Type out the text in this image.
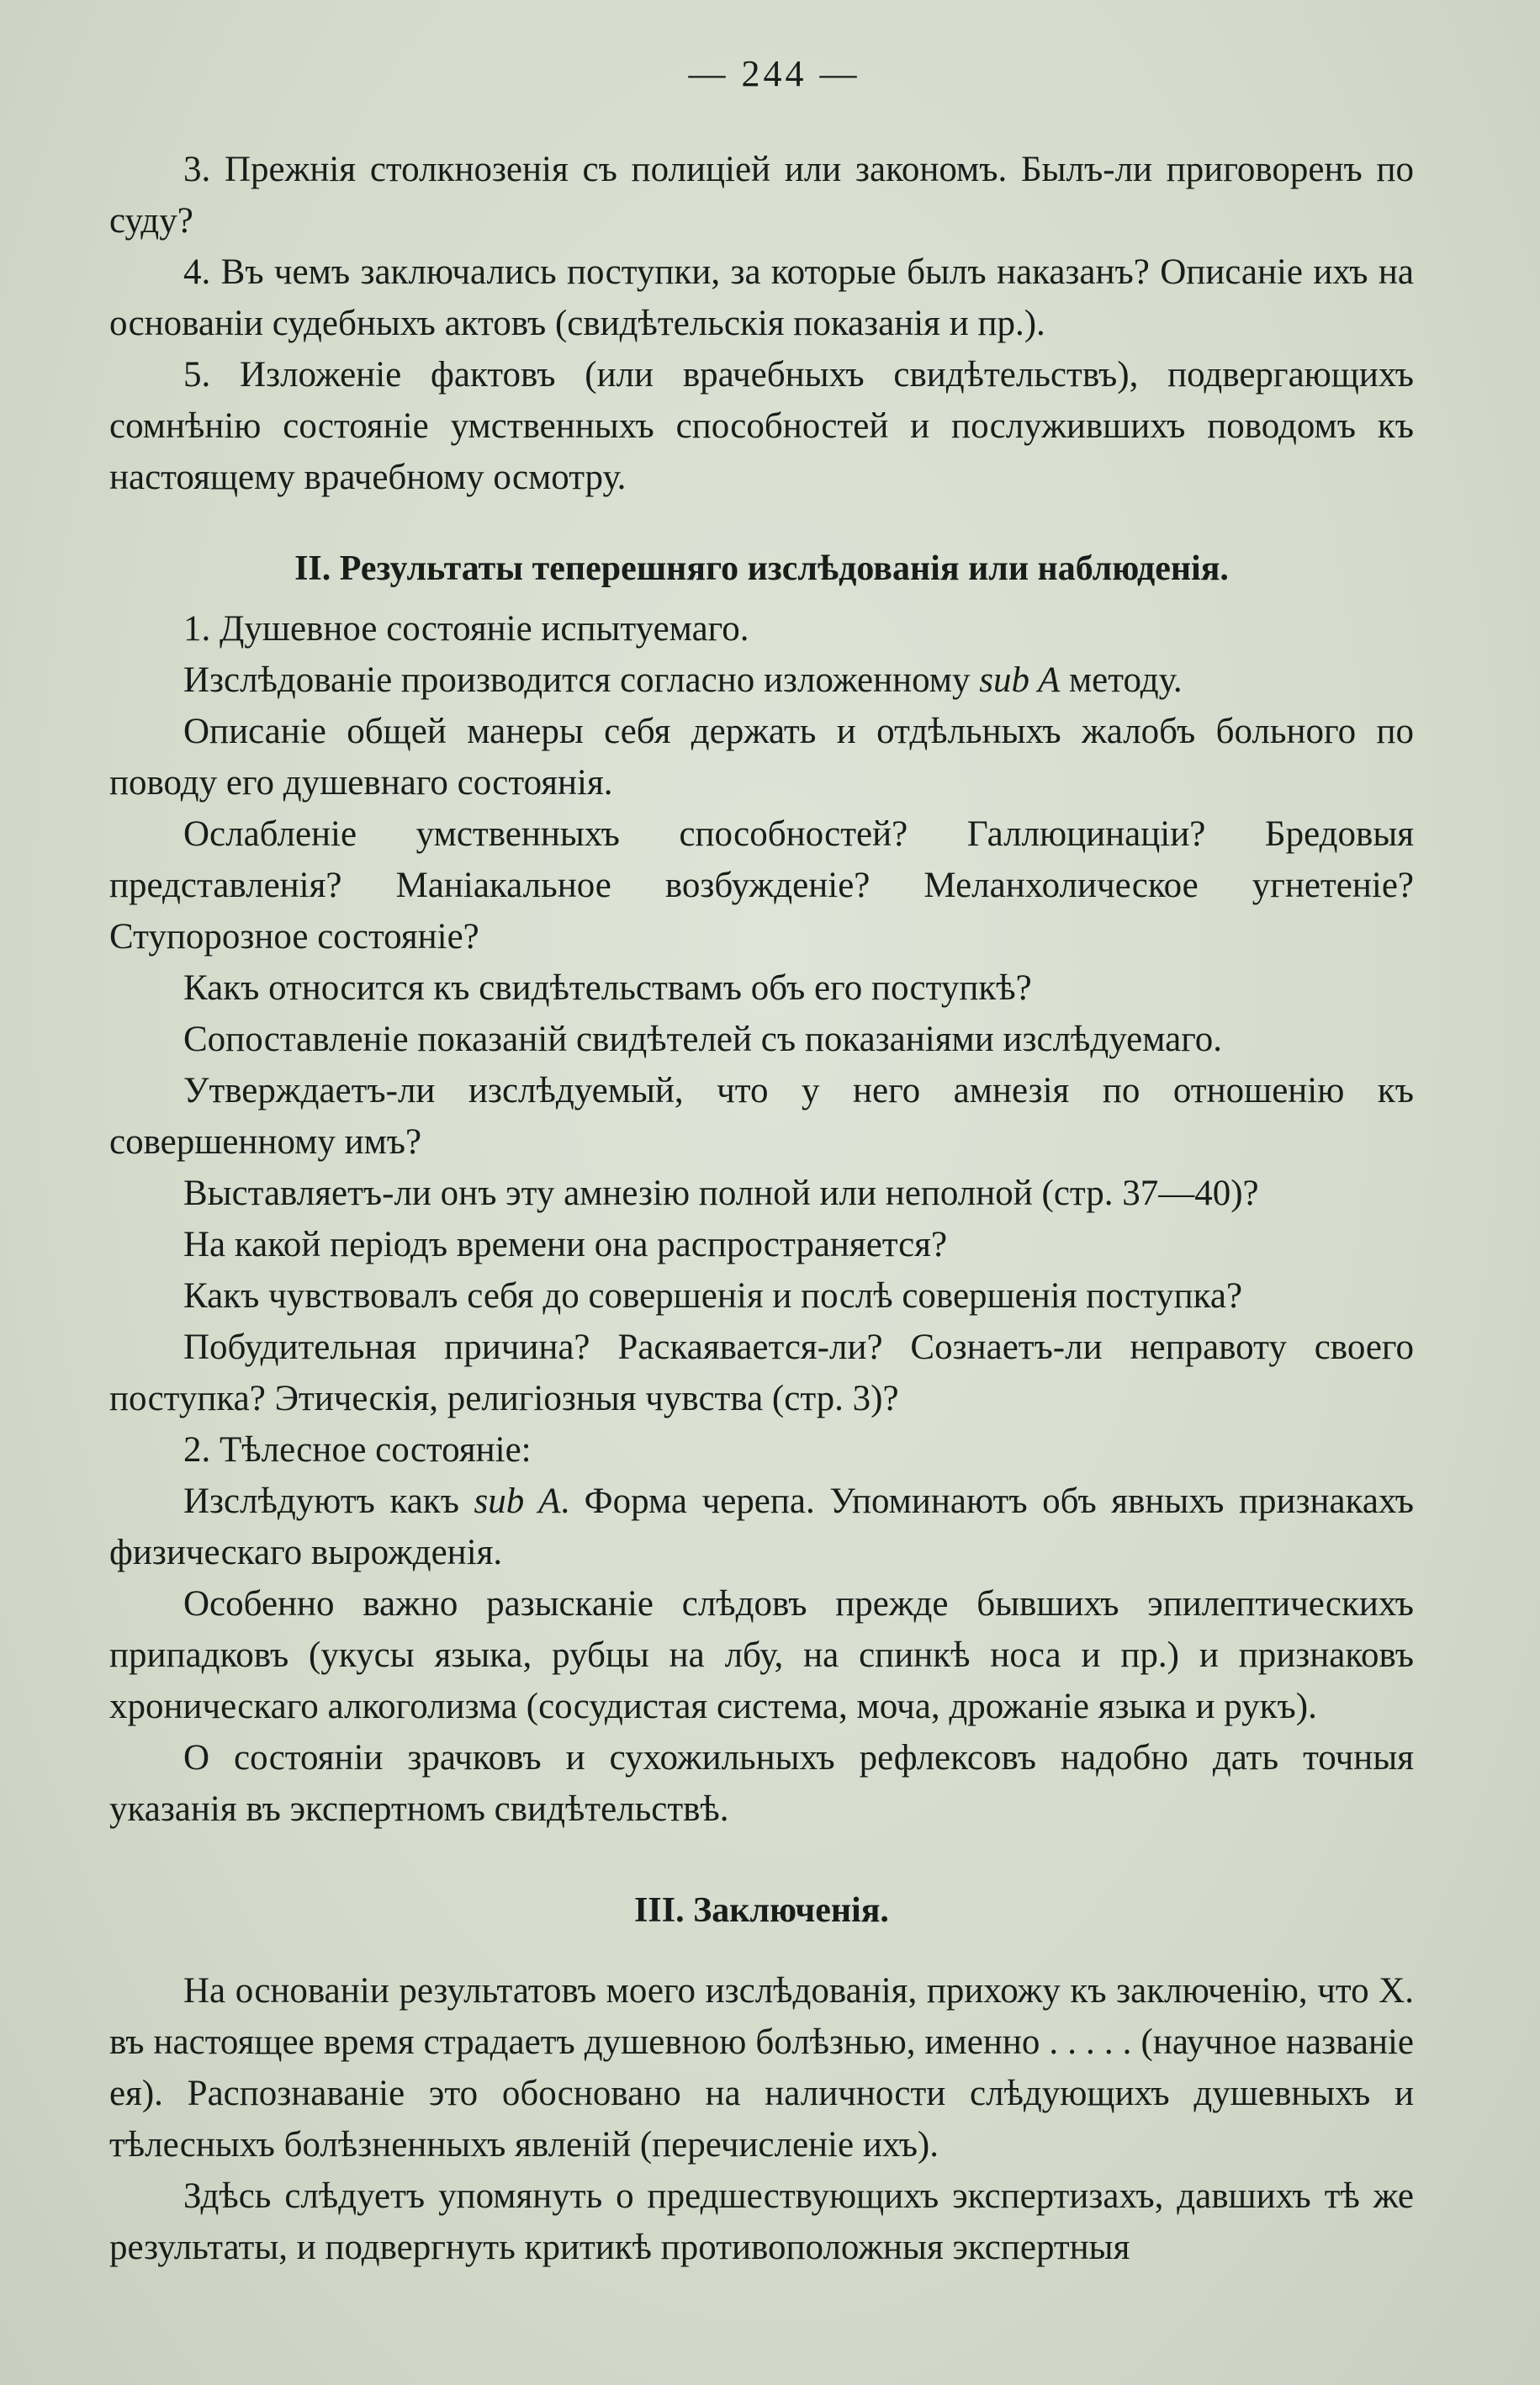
— 244 —

3. Прежнія столкнозенія съ полиціей или закономъ. Былъ-ли приговоренъ по суду?

4. Въ чемъ заключались поступки, за которые былъ наказанъ? Описаніе ихъ на основаніи судебныхъ актовъ (свидѣтельскія показанія и пр.).

5. Изложеніе фактовъ (или врачебныхъ свидѣтельствъ), подвергающихъ сомнѣнію состояніе умственныхъ способностей и послужившихъ поводомъ къ настоящему врачебному осмотру.

II. Результаты теперешняго изслѣдованія или наблюденія.

1. Душевное состояніе испытуемаго.

Изслѣдованіе производится согласно изложенному sub A методу.

Описаніе общей манеры себя держать и отдѣльныхъ жалобъ больного по поводу его душевнаго состоянія.

Ослабленіе умственныхъ способностей? Галлюцинаціи? Бредовыя представленія? Маніакальное возбужденіе? Меланхолическое угнетеніе? Ступорозное состояніе?

Какъ относится къ свидѣтельствамъ объ его поступкѣ?

Сопоставленіе показаній свидѣтелей съ показаніями изслѣдуемаго.

Утверждаетъ-ли изслѣдуемый, что у него амнезія по отношенію къ совершенному имъ?

Выставляетъ-ли онъ эту амнезію полной или неполной (стр. 37—40)?

На какой періодъ времени она распространяется?

Какъ чувствовалъ себя до совершенія и послѣ совершенія поступка?

Побудительная причина? Раскаявается-ли? Сознаетъ-ли неправоту своего поступка? Этическія, религіозныя чувства (стр. 3)?

2. Тѣлесное состояніе:

Изслѣдуютъ какъ sub A. Форма черепа. Упоминаютъ объ явныхъ признакахъ физическаго вырожденія.

Особенно важно разысканіе слѣдовъ прежде бывшихъ эпилептическихъ припадковъ (укусы языка, рубцы на лбу, на спинкѣ носа и пр.) и признаковъ хроническаго алкоголизма (сосудистая система, моча, дрожаніе языка и рукъ).

О состояніи зрачковъ и сухожильныхъ рефлексовъ надобно дать точныя указанія въ экспертномъ свидѣтельствѣ.

III. Заключенія.

На основаніи результатовъ моего изслѣдованія, прихожу къ заключенію, что Х. въ настоящее время страдаетъ душевною болѣзнью, именно . . . . . (научное названіе ея). Распознаваніе это обосновано на наличности слѣдующихъ душевныхъ и тѣлесныхъ болѣзненныхъ явленій (перечисленіе ихъ).

Здѣсь слѣдуетъ упомянуть о предшествующихъ экспертизахъ, давшихъ тѣ же результаты, и подвергнуть критикѣ противоположныя экспертныя
